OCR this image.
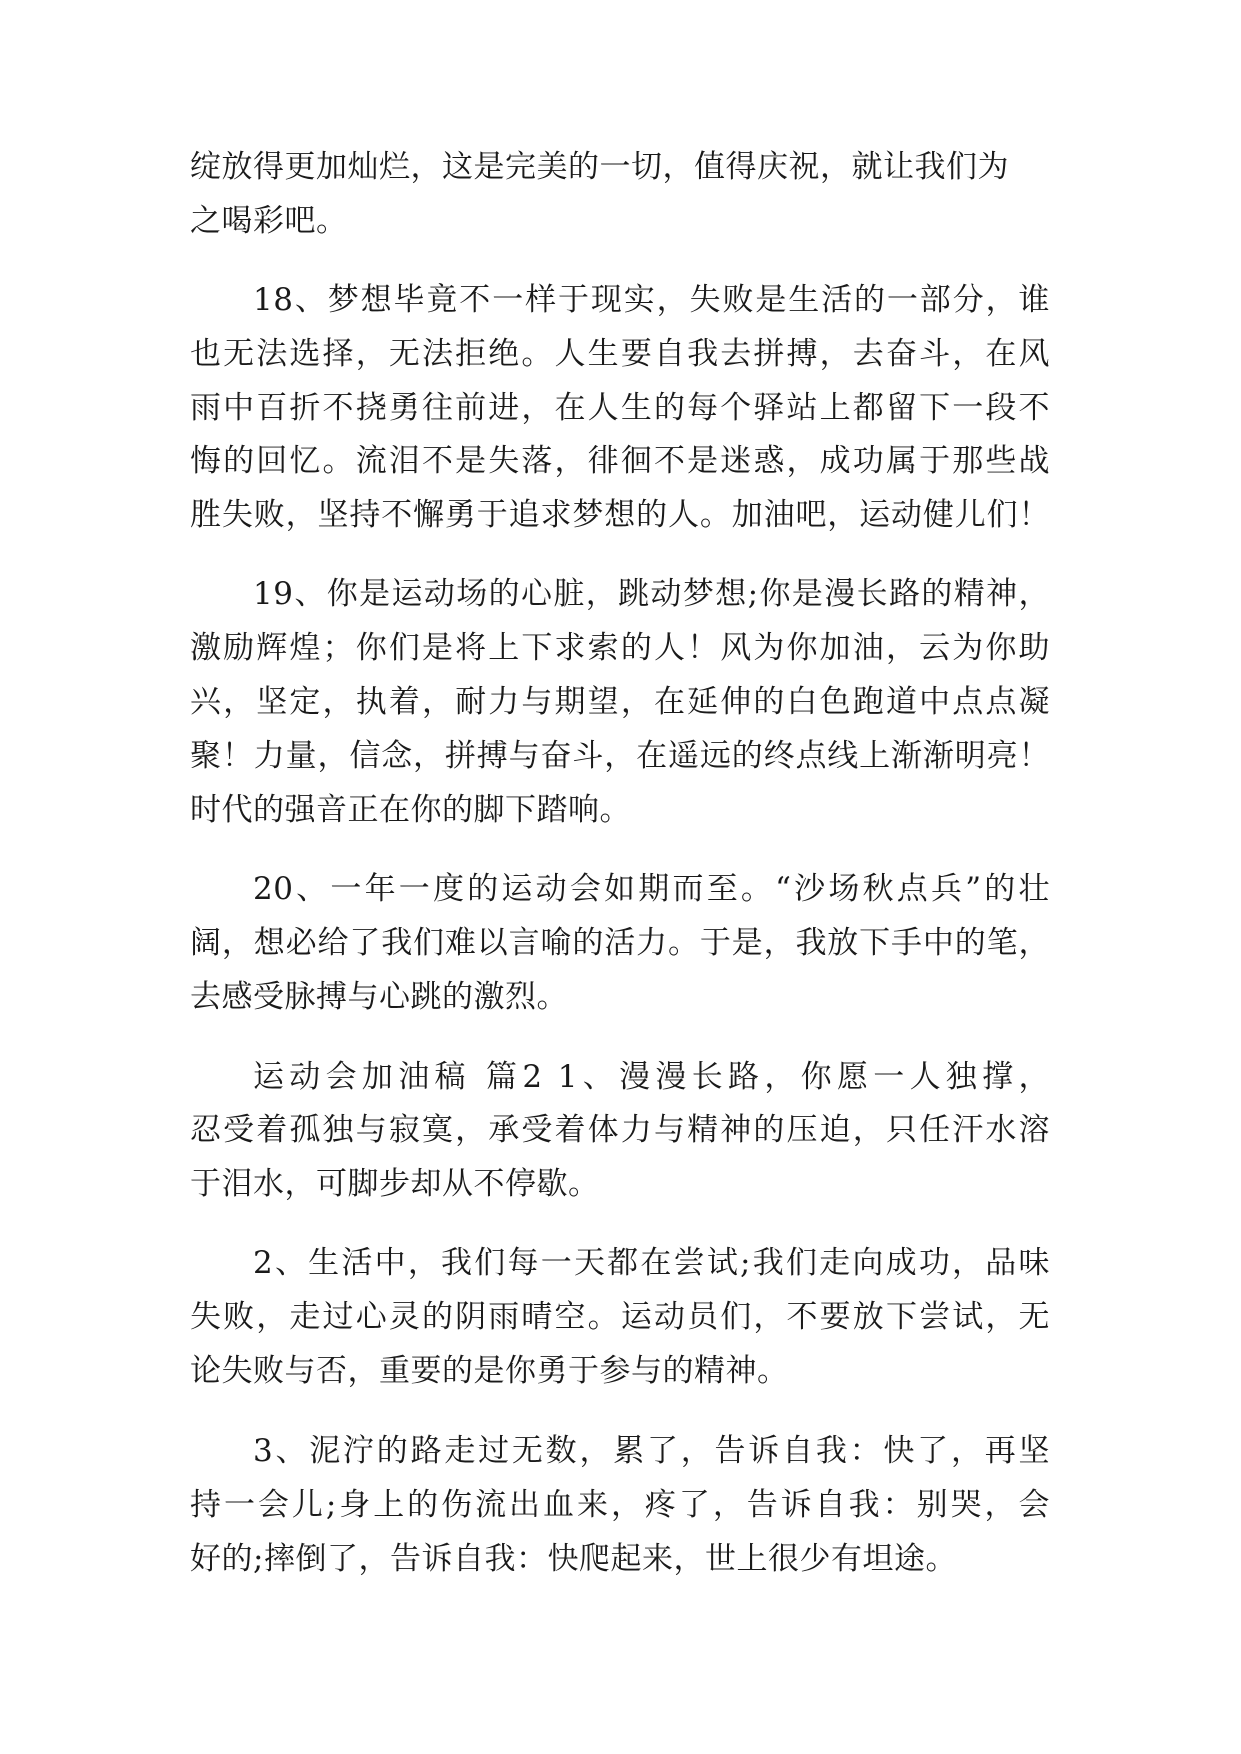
绽放得更加灿烂，这是完美的一切，值得庆祝，就让我们为
之喝彩吧。
18、梦想毕竟不一样于现实，失败是生活的一部分，谁
也无法选择，无法拒绝。人生要自我去拼搏，去奋斗，在风
雨中百折不挠勇往前进，在人生的每个驿站上都留下一段不
悔的回忆。流泪不是失落，徘徊不是迷惑，成功属于那些战
胜失败，坚持不懈勇于追求梦想的人。加油吧，运动健儿们！
19、你是运动场的心脏，跳动梦想;你是漫长路的精神，
激励辉煌；你们是将上下求索的人！风为你加油，云为你助
兴，坚定，执着，耐力与期望，在延伸的白色跑道中点点凝
聚！力量，信念，拼搏与奋斗，在遥远的终点线上渐渐明亮！
时代的强音正在你的脚下踏响。
20、一年一度的运动会如期而至。“沙场秋点兵”的壮
阔，想必给了我们难以言喻的活力。于是，我放下手中的笔，
去感受脉搏与心跳的激烈。
运动会加油稿 篇2 1、漫漫长路，你愿一人独撑，
忍受着孤独与寂寞，承受着体力与精神的压迫，只任汗水溶
于泪水，可脚步却从不停歇。
2、生活中，我们每一天都在尝试;我们走向成功，品味
失败，走过心灵的阴雨晴空。运动员们，不要放下尝试，无
论失败与否，重要的是你勇于参与的精神。
3、泥泞的路走过无数，累了，告诉自我：快了，再坚
持一会儿;身上的伤流出血来，疼了，告诉自我：别哭，会
好的;摔倒了，告诉自我：快爬起来，世上很少有坦途。
